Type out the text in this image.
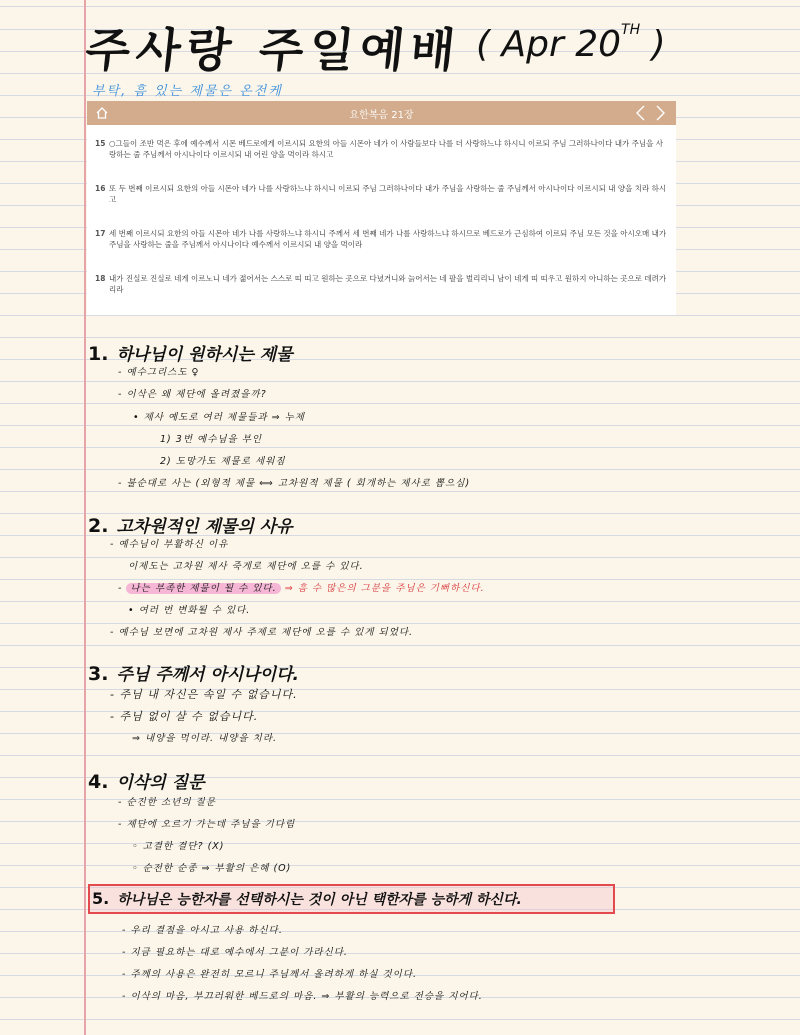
주사랑 주일예배 ( Apr 20TH )
부탁, 흠 있는 제물은 온전케
요한복음 21장
15 ○그들이 조반 먹은 후에 예수께서 시몬 베드로에게 이르시되 요한의 아들 시몬아 네가 이 사람들보다 나를 더 사랑하느냐 하시니 이르되 주님 그러하나이다 내가 주님을 사랑하는 줄 주님께서 아시나이다 이르시되 내 어린 양을 먹이라 하시고
16 또 두 번째 이르시되 요한의 아들 시몬아 네가 나를 사랑하느냐 하시니 이르되 주님 그러하나이다 내가 주님을 사랑하는 줄 주님께서 아시나이다 이르시되 내 양을 치라 하시고
17 세 번째 이르시되 요한의 아들 시몬아 네가 나를 사랑하느냐 하시니 주께서 세 번째 네가 나를 사랑하느냐 하시므로 베드로가 근심하여 이르되 주님 모든 것을 아시오매 내가 주님을 사랑하는 줄을 주님께서 아시나이다 예수께서 이르시되 내 양을 먹이라
18 내가 진실로 진실로 네게 이르노니 네가 젊어서는 스스로 띠 띠고 원하는 곳으로 다녔거니와 늙어서는 네 팔을 벌리리니 남이 네게 띠 띠우고 원하지 아니하는 곳으로 데려가리라
1. 하나님이 원하시는 제물
- 예수그리스도 ♀
- 이삭은 왜 제단에 올려졌을까?
• 제사 예도로 여러 제물들과 ⇒ 누제
1) 3번 예수님을 부인
2) 도망가도 제물로 세워짐
- 불순대로 사는 (외형적 제물 ⟺ 고차원적 제물 ( 회개하는 제사로 뽑으심)
2. 고차원적인 제물의 사유
- 예수님이 부활하신 이유
이제도는 고차원 제사 죽게로 제단에 오를 수 있다.
- 나는 부족한 제물이 될 수 있다. ⇒ 흠 수 많은의 그분을 주님은 기뻐하신다.
• 여러 번 변화될 수 있다.
- 예수님 보면에 고차원 제사 주제로 제단에 오를 수 있게 되었다.
3. 주님 주께서 아시나이다.
- 주님 내 자신은 속일 수 없습니다.
- 주님 없이 살 수 없습니다.
⇒ 내양을 먹이라. 내양을 치라.
4. 이삭의 질문
- 순진한 소년의 질문
- 제단에 오르기 가는데 주님을 기다림
◦ 고결한 결단? (X)
◦ 순전한 순종 ⇒ 부활의 은혜 (O)
5. 하나님은 능한자를 선택하시는 것이 아닌 택한자를 능하게 하신다.
- 우리 결점을 아시고 사용 하신다.
- 지금 필요하는 대로 예수에서 그분이 가라신다.
- 주께의 사용은 완전히 모르니 주님께서 올려하게 하실 것이다.
- 이삭의 마음, 부끄러워한 베드로의 마음. ⇒ 부활의 능력으로 전승을 지어다.
